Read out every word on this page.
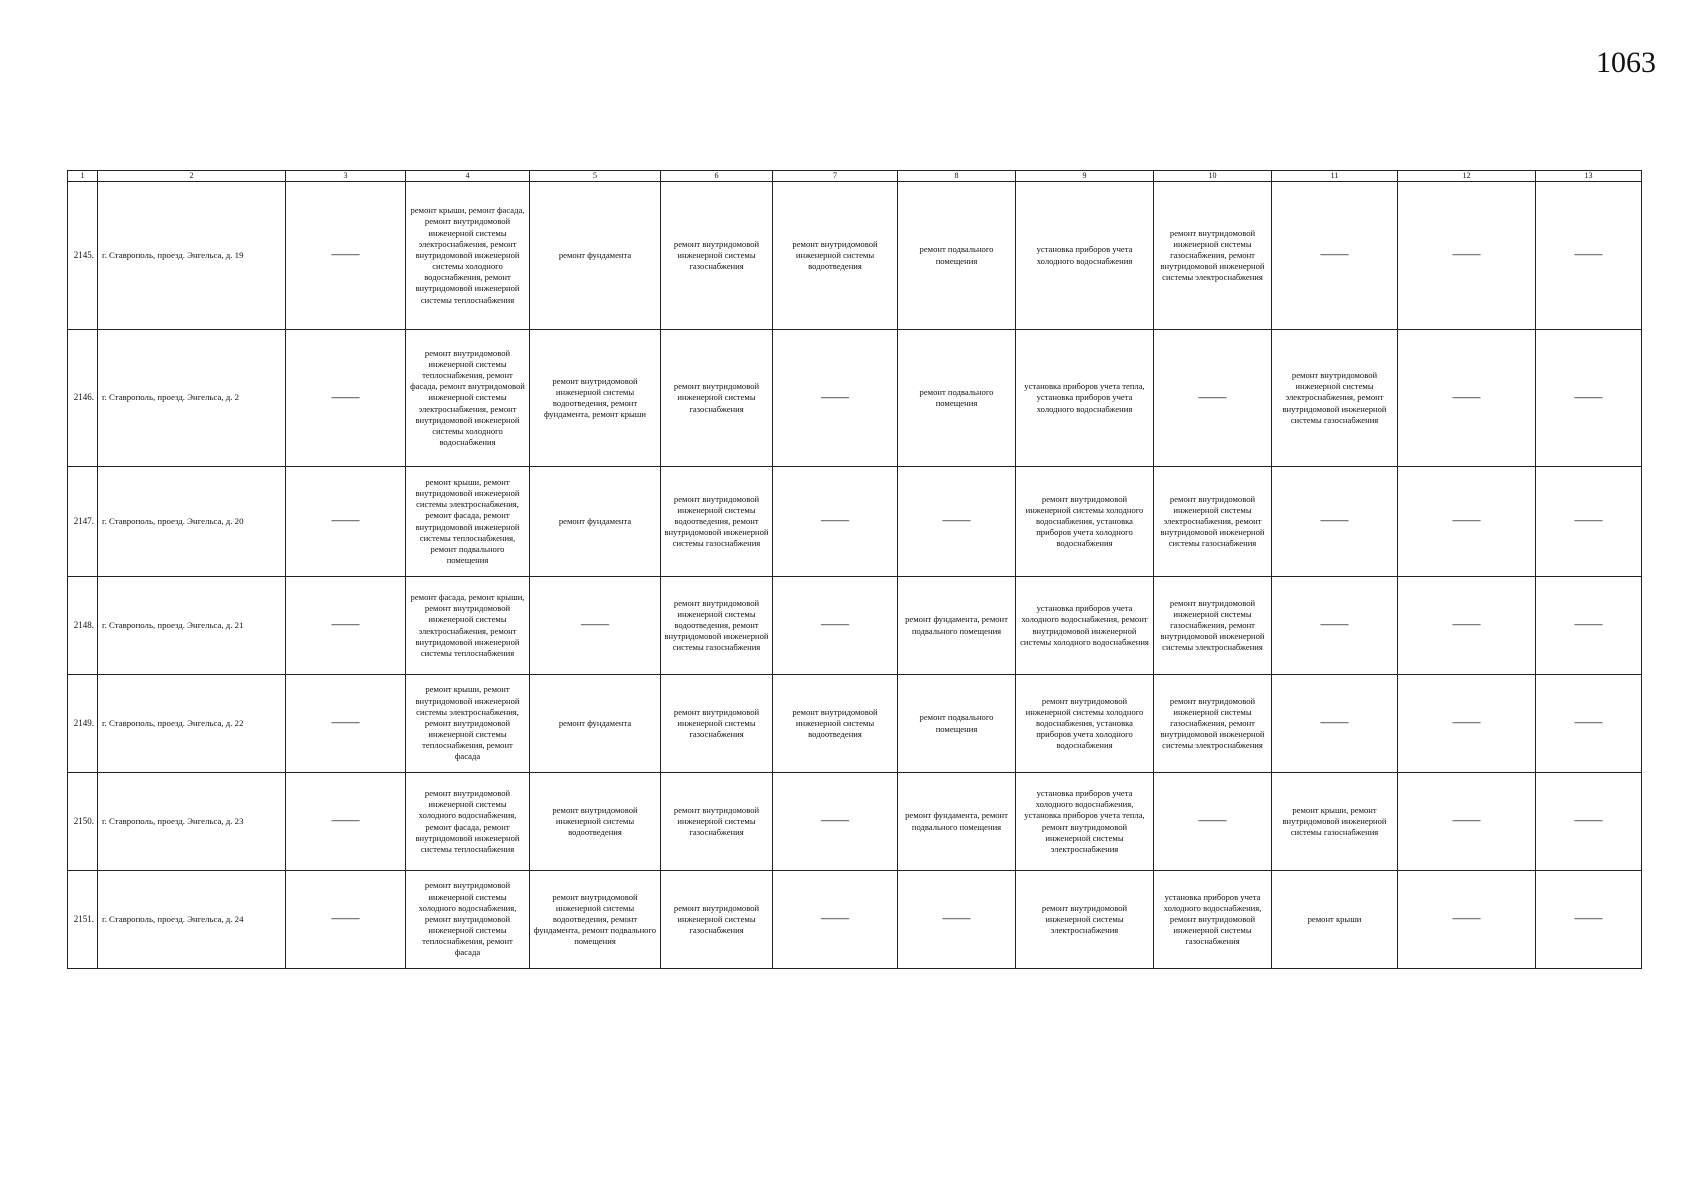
1063
1	2	3	4	5	6	7	8	9	10	11	12	13
2145.	г. Ставрополь, проезд. Энгельса, д. 19	——	ремонт крыши, ремонт фасада, ремонт внутридомовой инженерной системы электроснабжения, ремонт внутридомовой инженерной системы холодного водоснабжения, ремонт внутридомовой инженерной системы теплоснабжения	ремонт фундамента	ремонт внутридомовой инженерной системы газоснабжения	ремонт внутридомовой инженерной системы водоотведения	ремонт подвального помещения	установка приборов учета холодного водоснабжения	ремонт внутридомовой инженерной системы газоснабжения, ремонт внутридомовой инженерной системы электроснабжения	——	——	——
2146.	г. Ставрополь, проезд. Энгельса, д. 2	——	ремонт внутридомовой инженерной системы теплоснабжения, ремонт фасада, ремонт внутридомовой инженерной системы электроснабжения, ремонт внутридомовой инженерной системы холодного водоснабжения	ремонт внутридомовой инженерной системы водоотведения, ремонт фундамента, ремонт крыши	ремонт внутридомовой инженерной системы газоснабжения	——	ремонт подвального помещения	установка приборов учета тепла, установка приборов учета холодного водоснабжения	——	ремонт внутридомовой инженерной системы электроснабжения, ремонт внутридомовой инженерной системы газоснабжения	——	——
2147.	г. Ставрополь, проезд. Энгельса, д. 20	——	ремонт крыши, ремонт внутридомовой инженерной системы электроснабжения, ремонт фасада, ремонт внутридомовой инженерной системы теплоснабжения, ремонт подвального помещения	ремонт фундамента	ремонт внутридомовой инженерной системы водоотведения, ремонт внутридомовой инженерной системы газоснабжения	——	——	ремонт внутридомовой инженерной системы холодного водоснабжения, установка приборов учета холодного водоснабжения	ремонт внутридомовой инженерной системы электроснабжения, ремонт внутридомовой инженерной системы газоснабжения	——	——	——
2148.	г. Ставрополь, проезд. Энгельса, д. 21	——	ремонт фасада, ремонт крыши, ремонт внутридомовой инженерной системы электроснабжения, ремонт внутридомовой инженерной системы теплоснабжения	——	ремонт внутридомовой инженерной системы водоотведения, ремонт внутридомовой инженерной системы газоснабжения	——	ремонт фундамента, ремонт подвального помещения	установка приборов учета холодного водоснабжения, ремонт внутридомовой инженерной системы холодного водоснабжения	ремонт внутридомовой инженерной системы газоснабжения, ремонт внутридомовой инженерной системы электроснабжения	——	——	——
2149.	г. Ставрополь, проезд. Энгельса, д. 22	——	ремонт крыши, ремонт внутридомовой инженерной системы электроснабжения, ремонт внутридомовой инженерной системы теплоснабжения, ремонт фасада	ремонт фундамента	ремонт внутридомовой инженерной системы газоснабжения	ремонт внутридомовой инженерной системы водоотведения	ремонт подвального помещения	ремонт внутридомовой инженерной системы холодного водоснабжения, установка приборов учета холодного водоснабжения	ремонт внутридомовой инженерной системы газоснабжения, ремонт внутридомовой инженерной системы электроснабжения	——	——	——
2150.	г. Ставрополь, проезд. Энгельса, д. 23	——	ремонт внутридомовой инженерной системы холодного водоснабжения, ремонт фасада, ремонт внутридомовой инженерной системы теплоснабжения	ремонт внутридомовой инженерной системы водоотведения	ремонт внутридомовой инженерной системы газоснабжения	——	ремонт фундамента, ремонт подвального помещения	установка приборов учета холодного водоснабжения, установка приборов учета тепла, ремонт внутридомовой инженерной системы электроснабжения	——	ремонт крыши, ремонт внутридомовой инженерной системы газоснабжения	——	——
2151.	г. Ставрополь, проезд. Энгельса, д. 24	——	ремонт внутридомовой инженерной системы холодного водоснабжения, ремонт внутридомовой инженерной системы теплоснабжения, ремонт фасада	ремонт внутридомовой инженерной системы водоотведения, ремонт фундамента, ремонт подвального помещения	ремонт внутридомовой инженерной системы газоснабжения	——	——	ремонт внутридомовой инженерной системы электроснабжения	установка приборов учета холодного водоснабжения, ремонт внутридомовой инженерной системы газоснабжения	ремонт крыши	——	——
